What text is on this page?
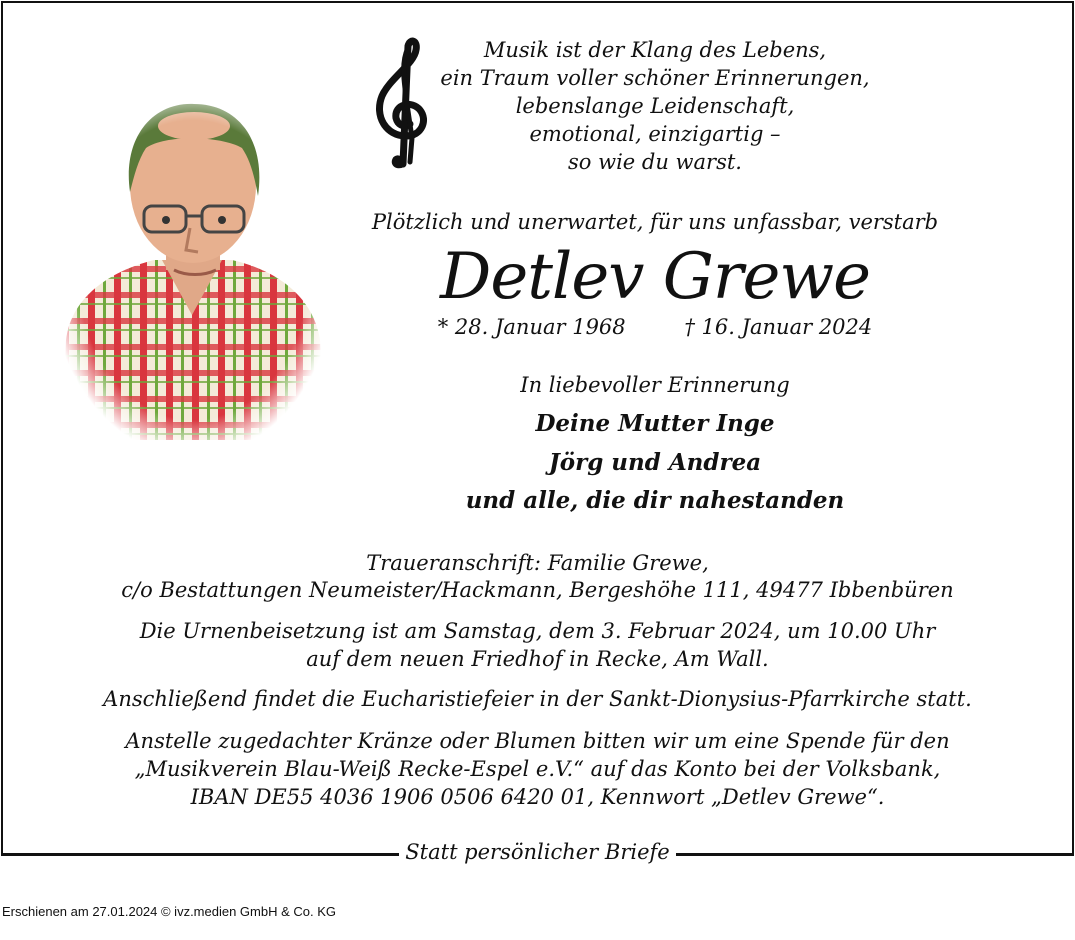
Statt persönlicher Briefe
Musik ist der Klang des Lebens,
ein Traum voller schöner Erinnerungen,
lebenslange Leidenschaft,
emotional, einzigartig –
so wie du warst.
Plötzlich und unerwartet, für uns unfassbar, verstarb
Detlev Grewe
* 28. Januar 1968	† 16. Januar 2024
In liebevoller Erinnerung
Deine Mutter Inge
Jörg und Andrea
und alle, die dir nahestanden
Traueranschrift: Familie Grewe,
c/o Bestattungen Neumeister/Hackmann, Bergeshöhe 111, 49477 Ibbenbüren
Die Urnenbeisetzung ist am Samstag, dem 3. Februar 2024, um 10.00 Uhr
auf dem neuen Friedhof in Recke, Am Wall.
Anschließend findet die Eucharistiefeier in der Sankt-Dionysius-Pfarrkirche statt.
Anstelle zugedachter Kränze oder Blumen bitten wir um eine Spende für den
„Musikverein Blau-Weiß Recke-Espel e.V.“ auf das Konto bei der Volksbank,
IBAN DE55 4036 1906 0506 6420 01, Kennwort „Detlev Grewe“.
Erschienen am 27.01.2024 © ivz.medien GmbH & Co. KG
